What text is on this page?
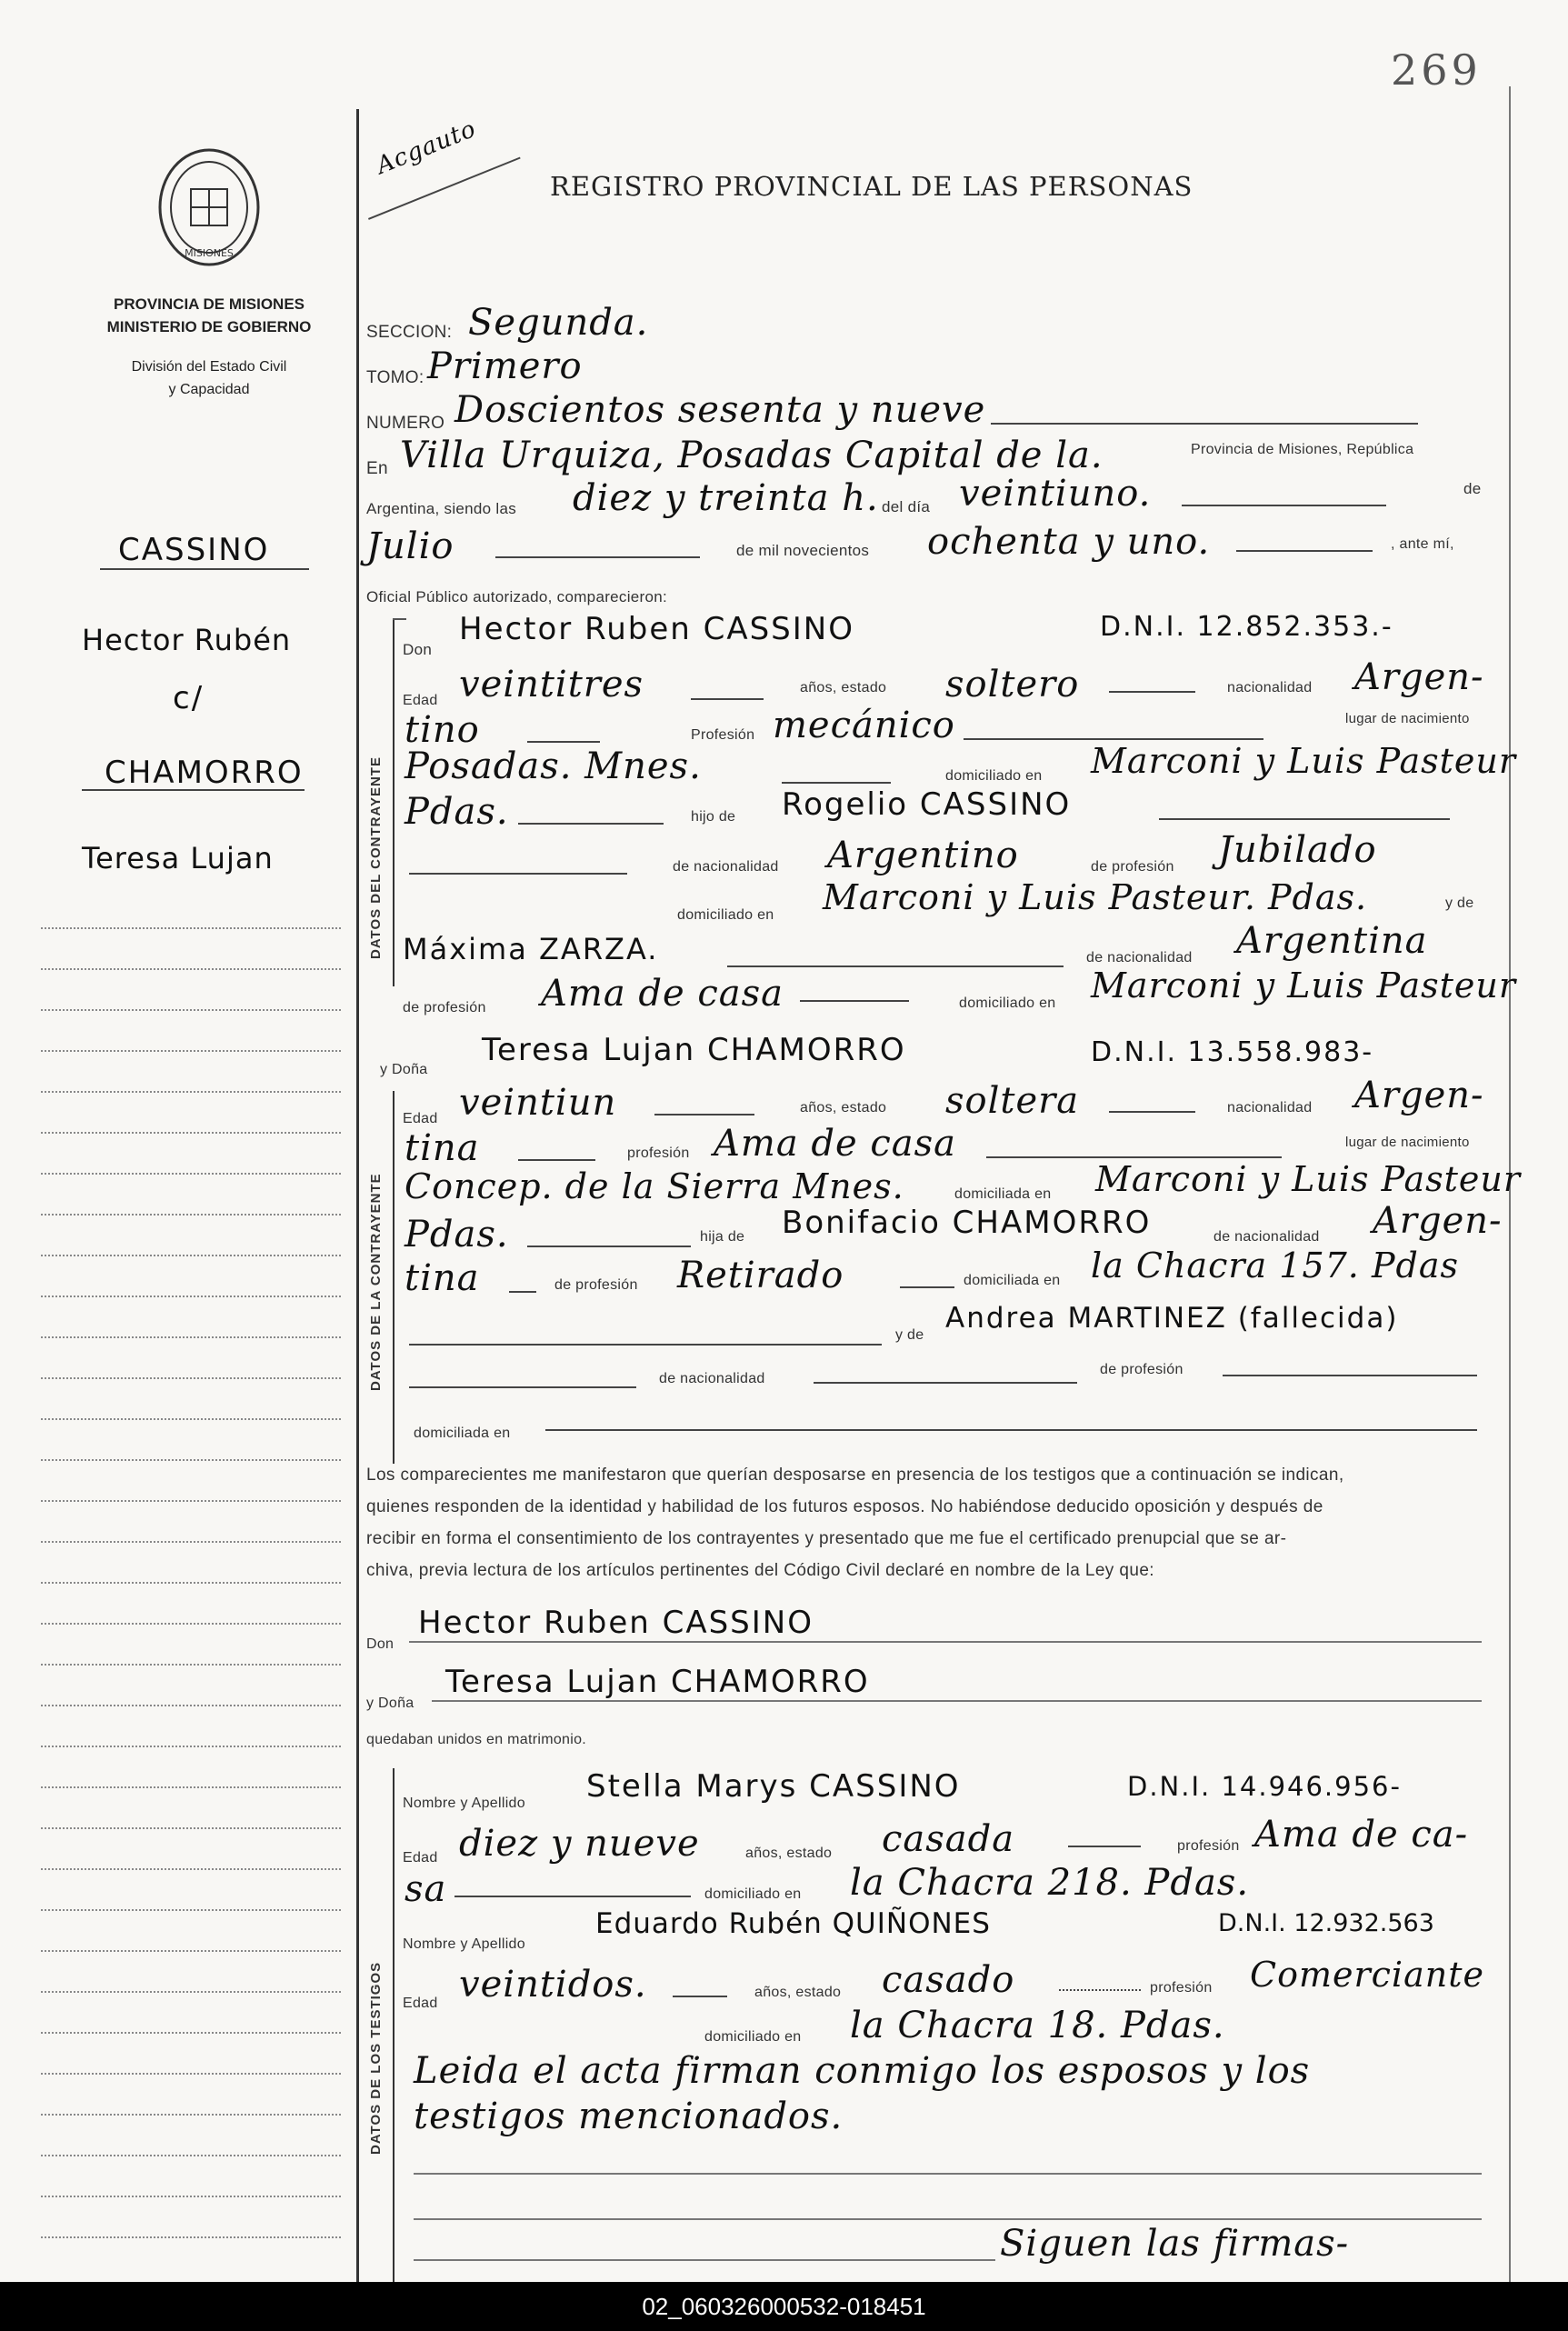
269
MISIONES
PROVINCIA DE MISIONES
MINISTERIO DE GOBIERNO
División del Estado Civil
y Capacidad
CASSINO
Hector Rubén
c/
CHAMORRO
Teresa Lujan
Acgauto
REGISTRO PROVINCIAL DE LAS PERSONAS
SECCION: Segunda.
TOMO: Primero
NUMERO Doscientos sesenta y nueve
En Villa Urquiza, Posadas Capital de la.	Provincia de Misiones, República
Argentina, siendo las diez y treinta h. del día veintiuno.	de
Julio	de mil novecientos ochenta y uno.	, ante mí,
Oficial Público autorizado, comparecieron:
DATOS DEL CONTRAYENTE
Don
Hector Ruben CASSINO	D.N.I. 12.852.353.-
Edad veintitres	años, estado soltero	nacionalidad Argen-
tino	Profesión mecánico	lugar de nacimiento
Posadas. Mnes.	domiciliado en Marconi y Luis Pasteur
Pdas.	hijo de Rogelio CASSINO
de nacionalidad Argentino	de profesión Jubilado
domiciliado en Marconi y Luis Pasteur. Pdas.	y de
Máxima ZARZA.	de nacionalidad Argentina
de profesión Ama de casa	domiciliado en Marconi y Luis Pasteur
y Doña
Teresa Lujan CHAMORRO	D.N.I. 13.558.983-
DATOS DE LA CONTRAYENTE
Edad veintiun	años, estado soltera	nacionalidad Argen-
tina	profesión Ama de casa	lugar de nacimiento
Concep. de la Sierra Mnes.	domiciliada en Marconi y Luis Pasteur
Pdas.	hija de Bonifacio CHAMORRO	de nacionalidad Argen-
tina	de profesión Retirado	domiciliada en la Chacra 157. Pdas
y de
Andrea MARTINEZ (fallecida)
de nacionalidad
de profesión
domiciliada en
Los comparecientes me manifestaron que querían desposarse en presencia de los testigos que a continuación se indican,
quienes responden de la identidad y habilidad de los futuros esposos. No habiéndose deducido oposición y después de
recibir en forma el consentimiento de los contrayentes y presentado que me fue el certificado prenupcial que se ar-
chiva, previa lectura de los artículos pertinentes del Código Civil declaré en nombre de la Ley que:
Don
Hector Ruben CASSINO
y Doña
Teresa Lujan CHAMORRO
quedaban unidos en matrimonio.
DATOS DE LOS TESTIGOS
Nombre y Apellido Stella Marys CASSINO	D.N.I. 14.946.956-
Edad diez y nueve	años, estado casada	profesión Ama de ca-
sa	domiciliado en la Chacra 218. Pdas.
Nombre y Apellido
Eduardo Rubén QUIÑONES	D.N.I. 12.932.563
Edad veintidos.	años, estado casado	profesión Comerciante
domiciliado en la Chacra 18. Pdas.
Leida el acta firman conmigo los esposos y los
testigos mencionados.
Siguen las firmas-
02_060326000532-018451
